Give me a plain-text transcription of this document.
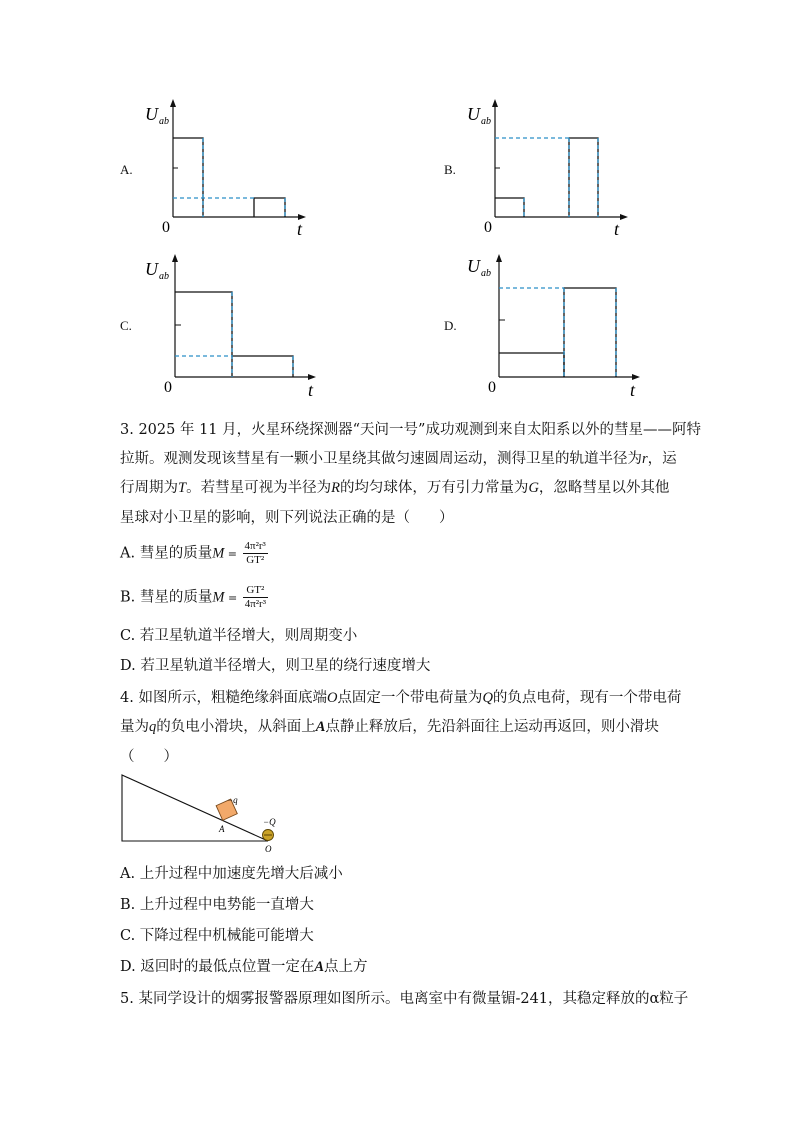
A.
U ab
0	t
B.
U ab
0	t
C.
U ab
0	t
D.
U ab
0	t
3. 2025 年 11 月，火星环绕探测器“天问一号”成功观测到来自太阳系以外的彗星——阿特
拉斯。观测发现该彗星有一颗小卫星绕其做匀速圆周运动，测得卫星的轨道半径为r，运
行周期为T。若彗星可视为半径为R的均匀球体，万有引力常量为G，忽略彗星以外其他
星球对小卫星的影响，则下列说法正确的是（　　）
A. 彗星的质量$M = \frac{\text{4π²r³}}{\text{GT²}}$
B. 彗星的质量$M = \frac{\text{GT²}}{\text{4π²r³}}$
C. 若卫星轨道半径增大，则周期变小
D. 若卫星轨道半径增大，则卫星的绕行速度增大
4. 如图所示，粗糙绝缘斜面底端O点固定一个带电荷量为Q的负点电荷，现有一个带电荷
量为q的负电小滑块，从斜面上A点静止释放后，先沿斜面往上运动再返回，则小滑块
（　　）
−q
A
−Q
O
A. 上升过程中加速度先增大后减小
B. 上升过程中电势能一直增大
C. 下降过程中机械能可能增大
D. 返回时的最低点位置一定在A点上方
5. 某同学设计的烟雾报警器原理如图所示。电离室中有微量镅-241，其稳定释放的α粒子
